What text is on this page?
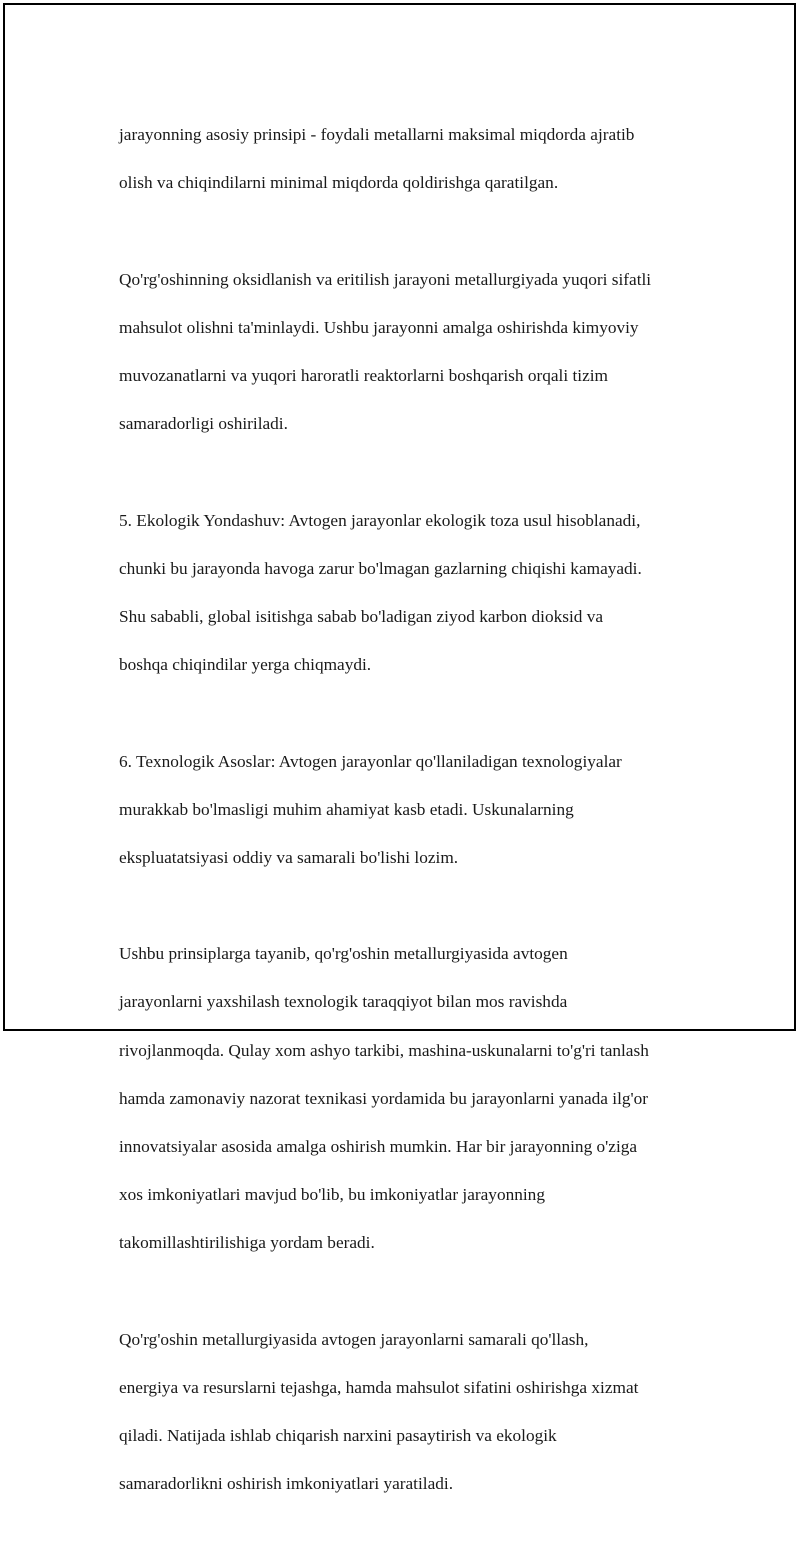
jarayonning asosiy prinsipi - foydali metallarni maksimal miqdorda ajratib

olish va chiqindilarni minimal miqdorda qoldirishga qaratilgan.

Qo'rg'oshinning oksidlanish va eritilish jarayoni metallurgiyada yuqori sifatli

mahsulot olishni ta'minlaydi. Ushbu jarayonni amalga oshirishda kimyoviy

muvozanatlarni va yuqori haroratli reaktorlarni boshqarish orqali tizim

samaradorligi oshiriladi.

5. Ekologik Yondashuv: Avtogen jarayonlar ekologik toza usul hisoblanadi,

chunki bu jarayonda havoga zarur bo'lmagan gazlarning chiqishi kamayadi.

Shu sababli, global isitishga sabab bo'ladigan ziyod karbon dioksid va

boshqa chiqindilar yerga chiqmaydi.

6. Texnologik Asoslar: Avtogen jarayonlar qo'llaniladigan texnologiyalar

murakkab bo'lmasligi muhim ahamiyat kasb etadi. Uskunalarning

ekspluatatsiyasi oddiy va samarali bo'lishi lozim.

Ushbu prinsiplarga tayanib, qo'rg'oshin metallurgiyasida avtogen

jarayonlarni yaxshilash texnologik taraqqiyot bilan mos ravishda

rivojlanmoqda. Qulay xom ashyo tarkibi, mashina-uskunalarni to'g'ri tanlash

hamda zamonaviy nazorat texnikasi yordamida bu jarayonlarni yanada ilg'or

innovatsiyalar asosida amalga oshirish mumkin. Har bir jarayonning o'ziga

xos imkoniyatlari mavjud bo'lib, bu imkoniyatlar jarayonning

takomillashtirilishiga yordam beradi.

Qo'rg'oshin metallurgiyasida avtogen jarayonlarni samarali qo'llash,

energiya va resurslarni tejashga, hamda mahsulot sifatini oshirishga xizmat

qiladi. Natijada ishlab chiqarish narxini pasaytirish va ekologik

samaradorlikni oshirish imkoniyatlari yaratiladi.
